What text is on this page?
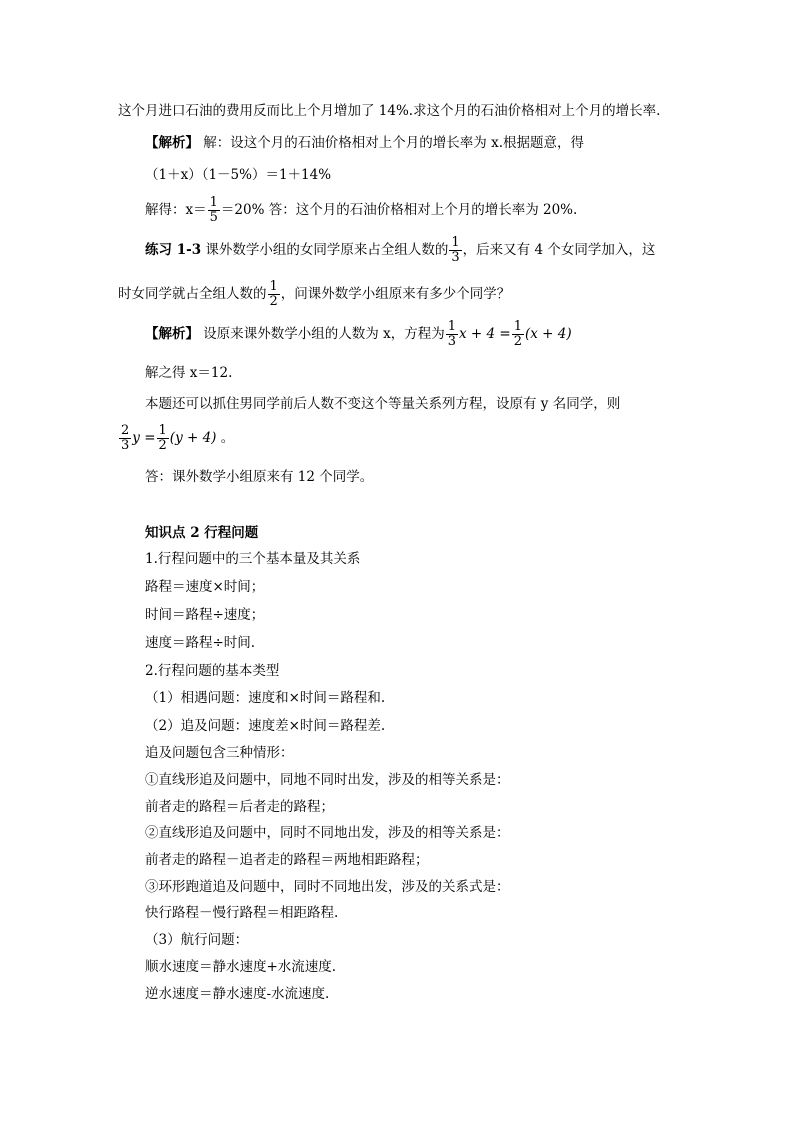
这个月进口石油的费用反而比上个月增加了 14%.求这个月的石油价格相对上个月的增长率.
【解析】 解：设这个月的石油价格相对上个月的增长率为 x.根据题意，得
（1＋x）（1－5%）＝1＋14%
解得：$x= \frac{1}{5} =20\%$ 答：这个月的石油价格相对上个月的增长率为 20%.
练习 1-3 课外数学小组的女同学原来占全组人数的 $\frac{1}{3}$ ，后来又有 4 个女同学加入，这
时女同学就占全组人数的 $\frac{1}{2}$ ，问课外数学小组原来有多少个同学？
【解析】 设原来课外数学小组的人数为 x，方程为 $\frac{1}{3}$ $x + 4 = \frac{1}{2} (x + 4)$
解之得 x＝12.
本题还可以抓住男同学前后人数不变这个等量关系列方程，设原有 y 名同学，则
$\frac{2}{3}$ $y = \frac{1}{2} (y + 4)$ 。
答：课外数学小组原来有 12 个同学。
知识点 2 行程问题
1.行程问题中的三个基本量及其关系
路程＝速度×时间；
时间＝路程÷速度；
速度＝路程÷时间.
2.行程问题的基本类型
（1）相遇问题：速度和×时间＝路程和.
（2）追及问题：速度差×时间＝路程差.
追及问题包含三种情形：
①直线形追及问题中，同地不同时出发，涉及的相等关系是：
前者走的路程＝后者走的路程；
②直线形追及问题中，同时不同地出发，涉及的相等关系是：
前者走的路程－追者走的路程＝两地相距路程；
③环形跑道追及问题中，同时不同地出发，涉及的关系式是：
快行路程－慢行路程＝相距路程.
（3）航行问题：
顺水速度＝静水速度+水流速度.
逆水速度＝静水速度-水流速度.
